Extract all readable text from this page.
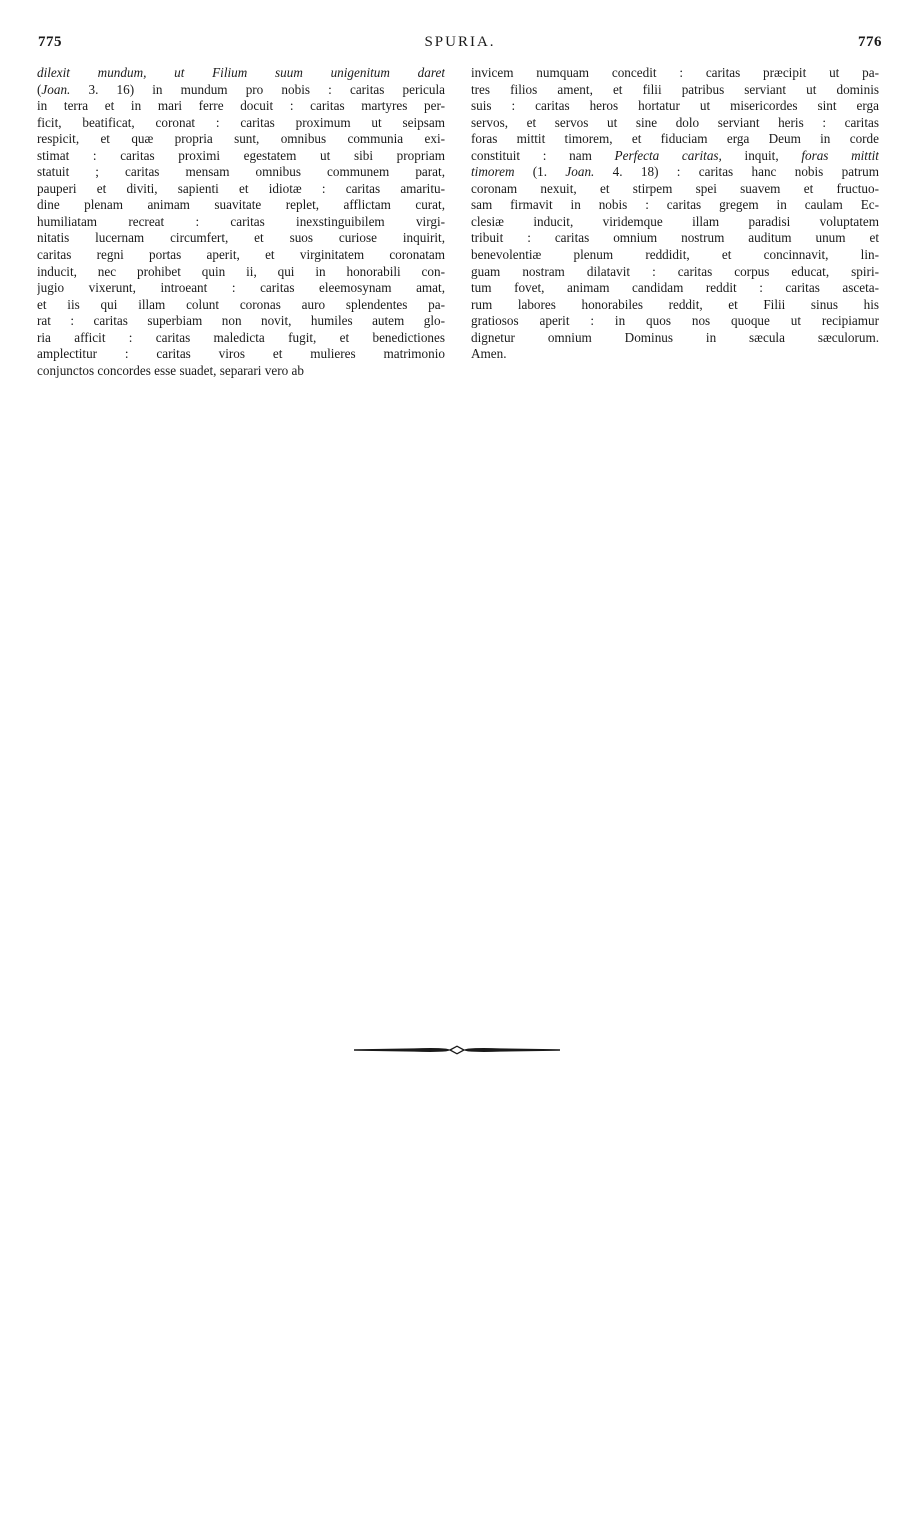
775	SPURIA.	776
dilexit mundum, ut Filium suum unigenitum daret
(Joan. 3. 16) in mundum pro nobis : caritas pericula
in terra et in mari ferre docuit : caritas martyres per-
ficit, beatificat, coronat : caritas proximum ut seipsam
respicit, et quæ propria sunt, omnibus communia exi-
stimat : caritas proximi egestatem ut sibi propriam
statuit ; caritas mensam omnibus communem parat,
pauperi et diviti, sapienti et idiotæ : caritas amaritu-
dine plenam animam suavitate replet, afflictam curat,
humiliatam recreat : caritas inexstinguibilem virgi-
nitatis lucernam circumfert, et suos curiose inquirit,
caritas regni portas aperit, et virginitatem coronatam
inducit, nec prohibet quin ii, qui in honorabili con-
jugio vixerunt, introeant : caritas eleemosynam amat,
et iis qui illam colunt coronas auro splendentes pa-
rat : caritas superbiam non novit, humiles autem glo-
ria afficit : caritas maledicta fugit, et benedictiones
amplectitur : caritas viros et mulieres matrimonio
conjunctos concordes esse suadet, separari vero ab
invicem numquam concedit : caritas præcipit ut pa-
tres filios ament, et filii patribus serviant ut dominis
suis : caritas heros hortatur ut misericordes sint erga
servos, et servos ut sine dolo serviant heris : caritas
foras mittit timorem, et fiduciam erga Deum in corde
constituit : nam Perfecta caritas, inquit, foras mittit
timorem (1. Joan. 4. 18) : caritas hanc nobis patrum
coronam nexuit, et stirpem spei suavem et fructuo-
sam firmavit in nobis : caritas gregem in caulam Ec-
clesiæ inducit, viridemque illam paradisi voluptatem
tribuit : caritas omnium nostrum auditum unum et
benevolentiæ plenum reddidit, et concinnavit, lin-
guam nostram dilatavit : caritas corpus educat, spiri-
tum fovet, animam candidam reddit : caritas asceta-
rum labores honorabiles reddit, et Filii sinus his
gratiosos aperit : in quos nos quoque ut recipiamur
dignetur omnium Dominus in sæcula sæculorum.
Amen.
